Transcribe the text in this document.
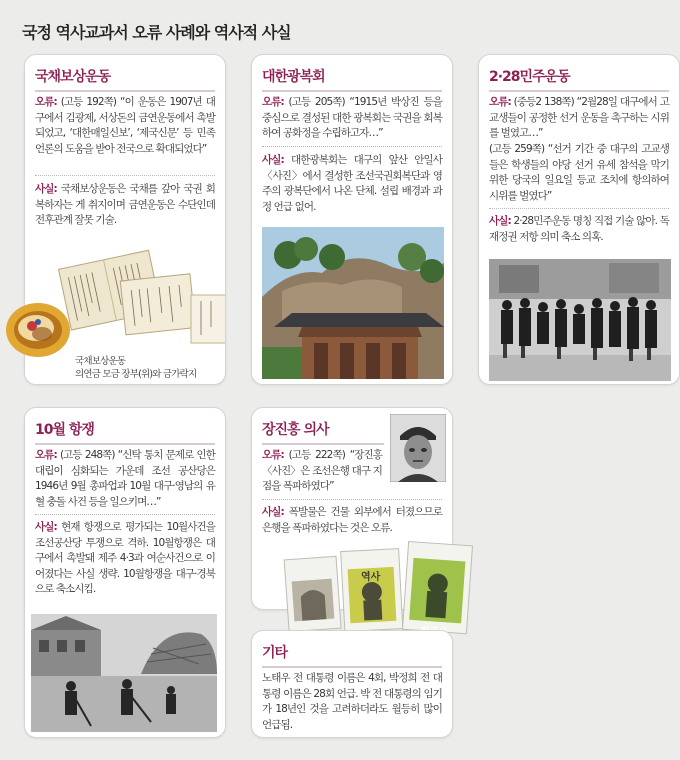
국정 역사교과서 오류 사례와 역사적 사실
국채보상운동
오류: (고등 192쪽) “이 운동은 1907년 대구에서 김광제, 서상돈의 금연운동에서 촉발되었고, ‘대한매일신보’, ‘제국신문’ 등 민족 언론의 도움을 받아 전국으로 확대되었다”
사실: 국채보상운동은 국채를 갚아 국권 회복하자는 게 취지이며 금연운동은 수단인데 전후관계 잘못 기술.
국채보상운동
의연금 모금 장부(위)와 금가락지
대한광복회
오류: (고등 205쪽) “1915년 박상진 등을 중심으로 결성된 대한 광복회는 국권을 회복하여 공화정을 수립하고자…”
사실: 대한광복회는 대구의 앞산 안일사 〈사진〉에서 결성한 조선국권회복단과 영주의 광복단에서 나온 단체. 설립 배경과 과정 언급 없어.
2·28민주운동
오류: (중등2 138쪽) “2월28일 대구에서 고교생들이 공정한 선거 운동을 촉구하는 시위를 벌였고…”
(고등 259쪽) “선거 기간 중 대구의 고교생들은 학생들의 야당 선거 유세 참석을 막기 위한 당국의 일요일 등교 조치에 항의하여 시위를 벌였다”
사실: 2·28민주운동 명칭 직접 기술 않아. 독재정권 저항 의미 축소 의혹.
10월 항쟁
오류: (고등 248쪽) “신탁 통치 문제로 인한 대립이 심화되는 가운데 조선 공산당은 1946년 9월 총파업과 10월 대구·영남의 유혈 충돌 사건 등을 일으키며…”
사실: 현재 항쟁으로 평가되는 10월사건을 조선공산당 투쟁으로 격하. 10월항쟁은 대구에서 촉발돼 제주 4·3과 여순사건으로 이어졌다는 사실 생략. 10월항쟁을 대구·경북으로 축소시킴.
장진홍 의사
오류: (고등 222쪽) “장진홍〈사진〉은 조선은행 대구 지점을 폭파하였다”
사실: 폭발물은 건물 외부에서 터졌으므로 은행을 폭파하였다는 것은 오류.
역사
기타
노태우 전 대통령 이름은 4회, 박정희 전 대통령 이름은 28회 언급. 박 전 대통령의 임기가 18년인 것을 고려하더라도 월등히 많이 언급됨.
